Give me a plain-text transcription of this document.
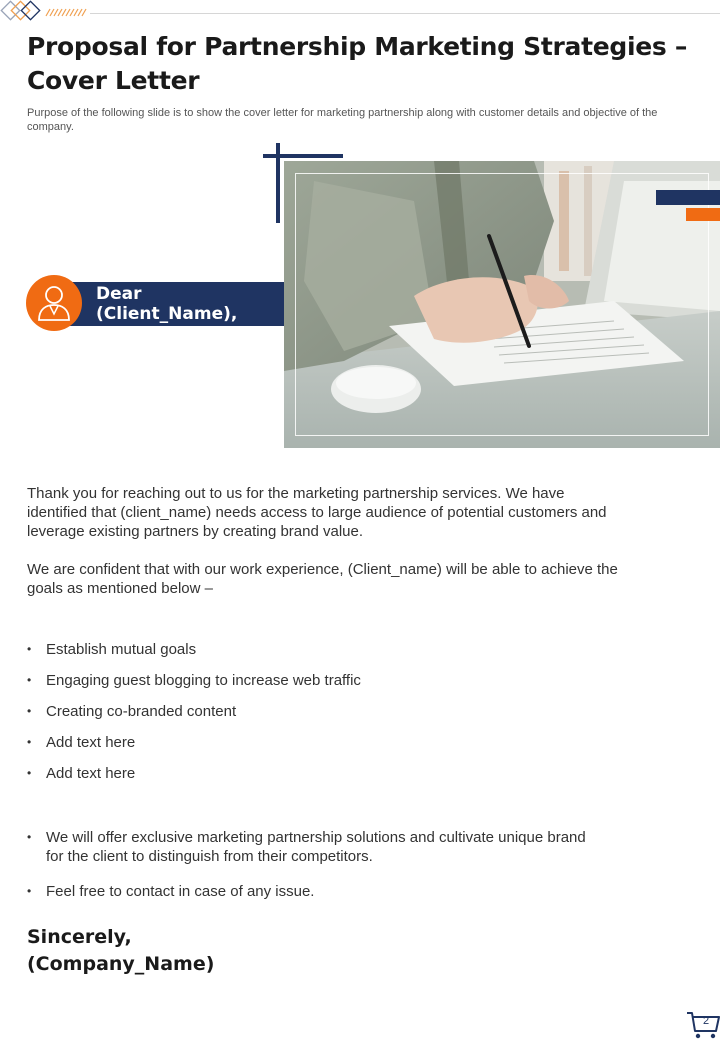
Proposal for Partnership Marketing Strategies – Cover Letter
Purpose of the following slide is to show the cover letter for marketing partnership along with customer details and objective of the company.
Dear (Client_Name),

Thank you for reaching out to us for the marketing partnership services. We have identified that (client_name) needs access to large audience of potential customers and leverage existing partners by creating brand value.

We are confident that with our work experience, (Client_name) will be able to achieve the goals as mentioned below –

• Establish mutual goals
• Engaging guest blogging to increase web traffic
• Creating co-branded content
• Add text here
• Add text here
• We will offer exclusive marketing partnership solutions and cultivate unique brand for the client to distinguish from their competitors.
• Feel free to contact in case of any issue.
Sincerely,
(Company_Name)
2
